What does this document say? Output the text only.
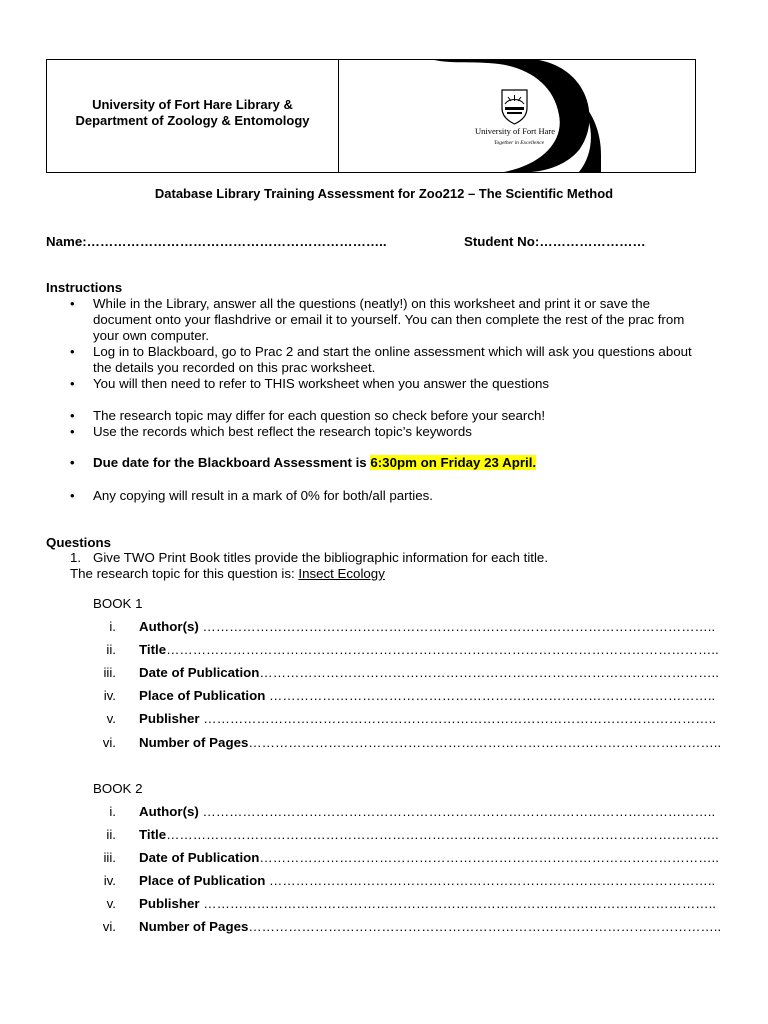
University of Fort Hare Library &
Department of Zoology & Entomology
University of Fort Hare
Together in Excellence
Database Library Training Assessment for Zoo212 – The Scientific Method
Name:…………………………………………………………..	Student No:……………………
Instructions
• While in the Library, answer all the questions (neatly!) on this worksheet and print it or save the document onto your flashdrive or email it to yourself. You can then complete the rest of the prac from your own computer.
• Log in to Blackboard, go to Prac 2 and start the online assessment which will ask you questions about the details you recorded on this prac worksheet.
• You will then need to refer to THIS worksheet when you answer the questions
• The research topic may differ for each question so check before your search!
• Use the records which best reflect the research topic’s keywords
• Due date for the Blackboard Assessment is 6:30pm on Friday 23 April.
• Any copying will result in a mark of 0% for both/all parties.
Questions
1. Give TWO Print Book titles provide the bibliographic information for each title.
The research topic for this question is: Insect Ecology
BOOK 1
i. Author(s) ……………………………………………………………………………………………………..
ii. Title……………………………………………………………………………………………………………..
iii. Date of Publication…………………………………………………………………………………………..
iv. Place of Publication ………………………………………………………………………………………..
v. Publisher ……………………………………………………………………………………………………..
vi. Number of Pages……………………………………………………………………………………………..
BOOK 2
i. Author(s) ……………………………………………………………………………………………………..
ii. Title……………………………………………………………………………………………………………..
iii. Date of Publication…………………………………………………………………………………………..
iv. Place of Publication ………………………………………………………………………………………..
v. Publisher ……………………………………………………………………………………………………..
vi. Number of Pages……………………………………………………………………………………………..
